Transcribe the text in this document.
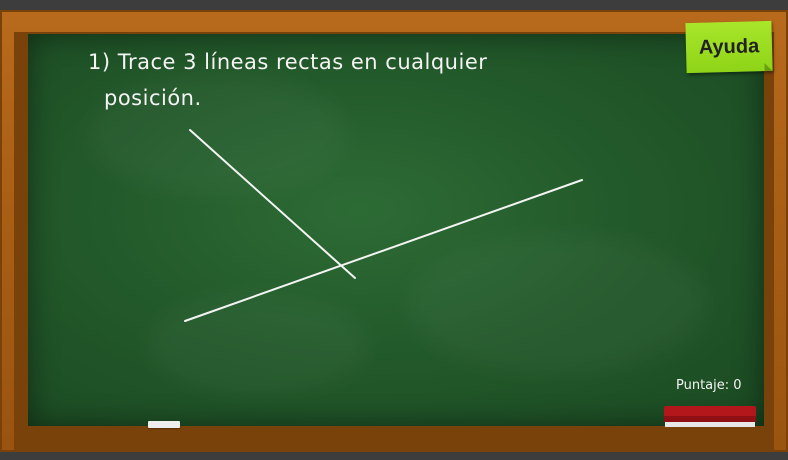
1) Trace 3 líneas rectas en cualquier
posición.
Ayuda
Puntaje: 0
